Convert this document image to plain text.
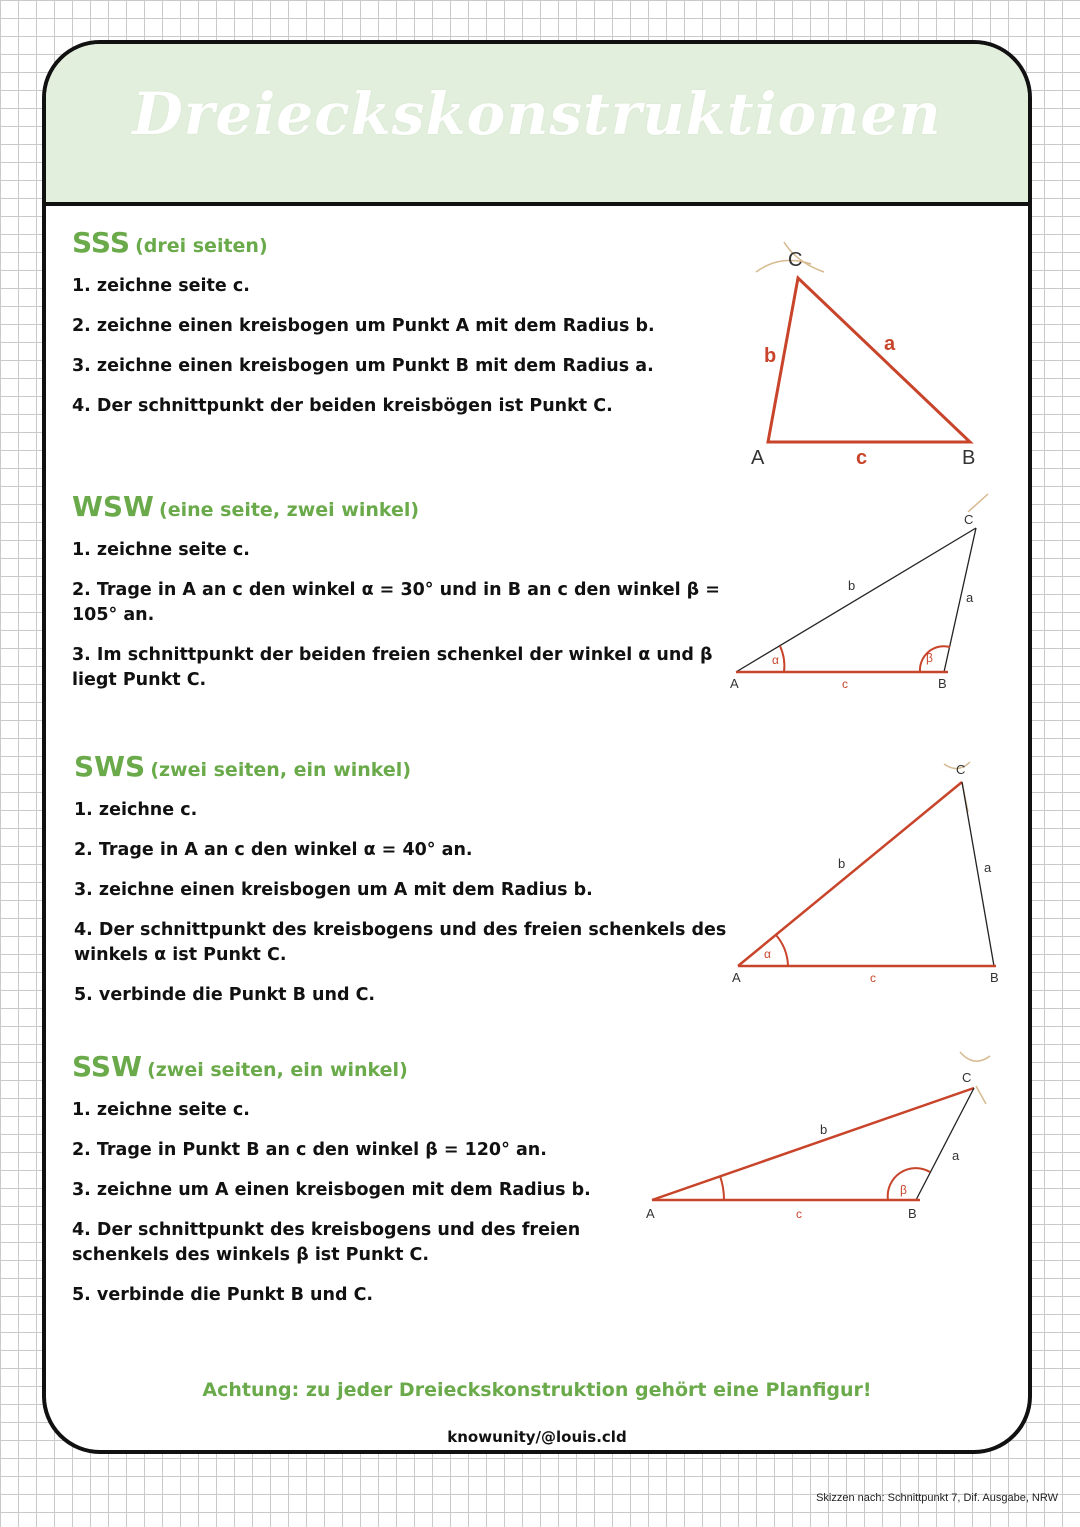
Dreieckskonstruktionen
SSS (drei seiten)
1. zeichne seite c.
2. zeichne einen kreisbogen um Punkt A mit dem Radius b.
3. zeichne einen kreisbogen um Punkt B mit dem Radius a.
4. Der schnittpunkt der beiden kreisbögen ist Punkt C.
C
A	B
b
a
c
WSW (eine seite, zwei winkel)
1. zeichne seite c.
2. Trage in A an c den winkel α = 30° und in B an c den winkel β = 105° an.
3. Im schnittpunkt der beiden freien schenkel der winkel α und β liegt Punkt C.
C
A	B
b
a
c
α	β
SWS (zwei seiten, ein winkel)
1. zeichne c.
2. Trage in A an c den winkel α = 40° an.
3. zeichne einen kreisbogen um A mit dem Radius b.
4. Der schnittpunkt des kreisbogens und des freien schenkels des winkels α ist Punkt C.
5. verbinde die Punkt B und C.
C
A	B
b	a
c
α
SSW (zwei seiten, ein winkel)
1. zeichne seite c.
2. Trage in Punkt B an c den winkel β = 120° an.
3. zeichne um A einen kreisbogen mit dem Radius b.
4. Der schnittpunkt des kreisbogens und des freien schenkels des winkels β ist Punkt C.
5. verbinde die Punkt B und C.
C
A	B
b
a
c
β
Achtung: zu jeder Dreieckskonstruktion gehört eine Planfigur!
knowunity/@louis.cld
Skizzen nach: Schnittpunkt 7, Dif. Ausgabe, NRW
